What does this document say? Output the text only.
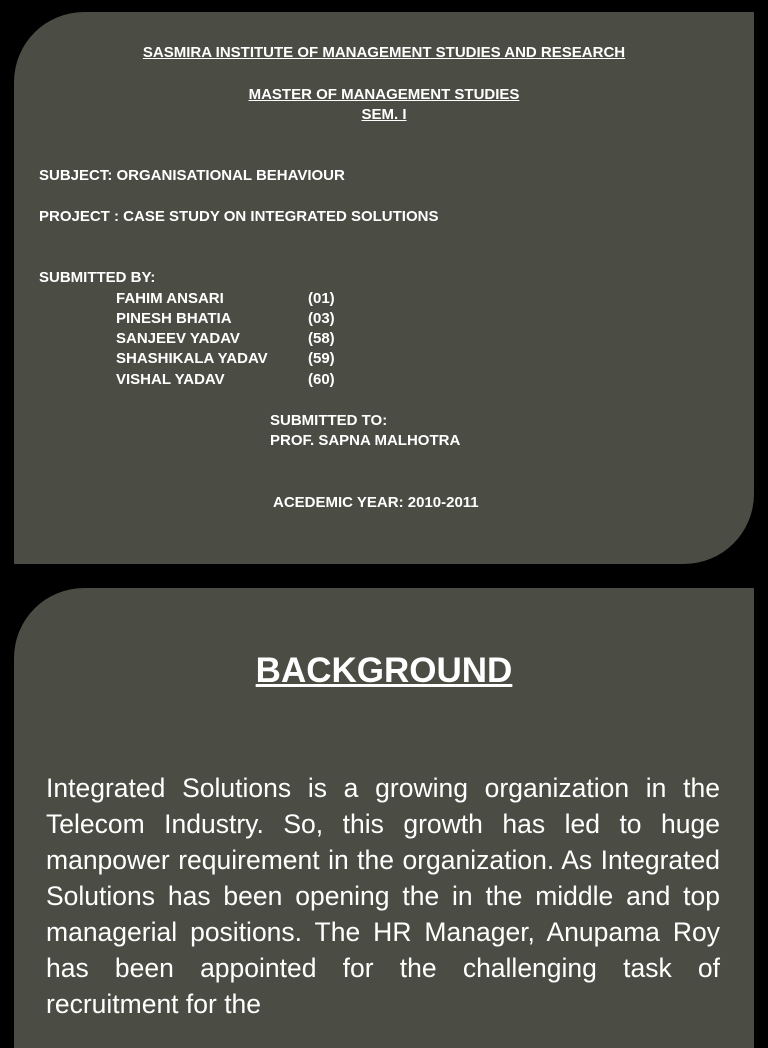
SASMIRA INSTITUTE OF MANAGEMENT STUDIES AND RESEARCH
MASTER OF MANAGEMENT STUDIES
SEM. I
SUBJECT: ORGANISATIONAL BEHAVIOUR
PROJECT : CASE STUDY ON INTEGRATED SOLUTIONS
SUBMITTED BY:
FAHIM ANSARI	(01)
PINESH BHATIA	(03)
SANJEEV YADAV	(58)
SHASHIKALA YADAV	(59)
VISHAL YADAV	(60)
SUBMITTED TO:
PROF. SAPNA MALHOTRA
ACEDEMIC YEAR: 2010-2011
BACKGROUND
Integrated Solutions is a growing organization in the Telecom Industry. So, this growth has led to huge manpower requirement in the organization. As Integrated Solutions has been opening the in the middle and top managerial positions. The HR Manager, Anupama Roy has been appointed for the challenging task of recruitment for the
